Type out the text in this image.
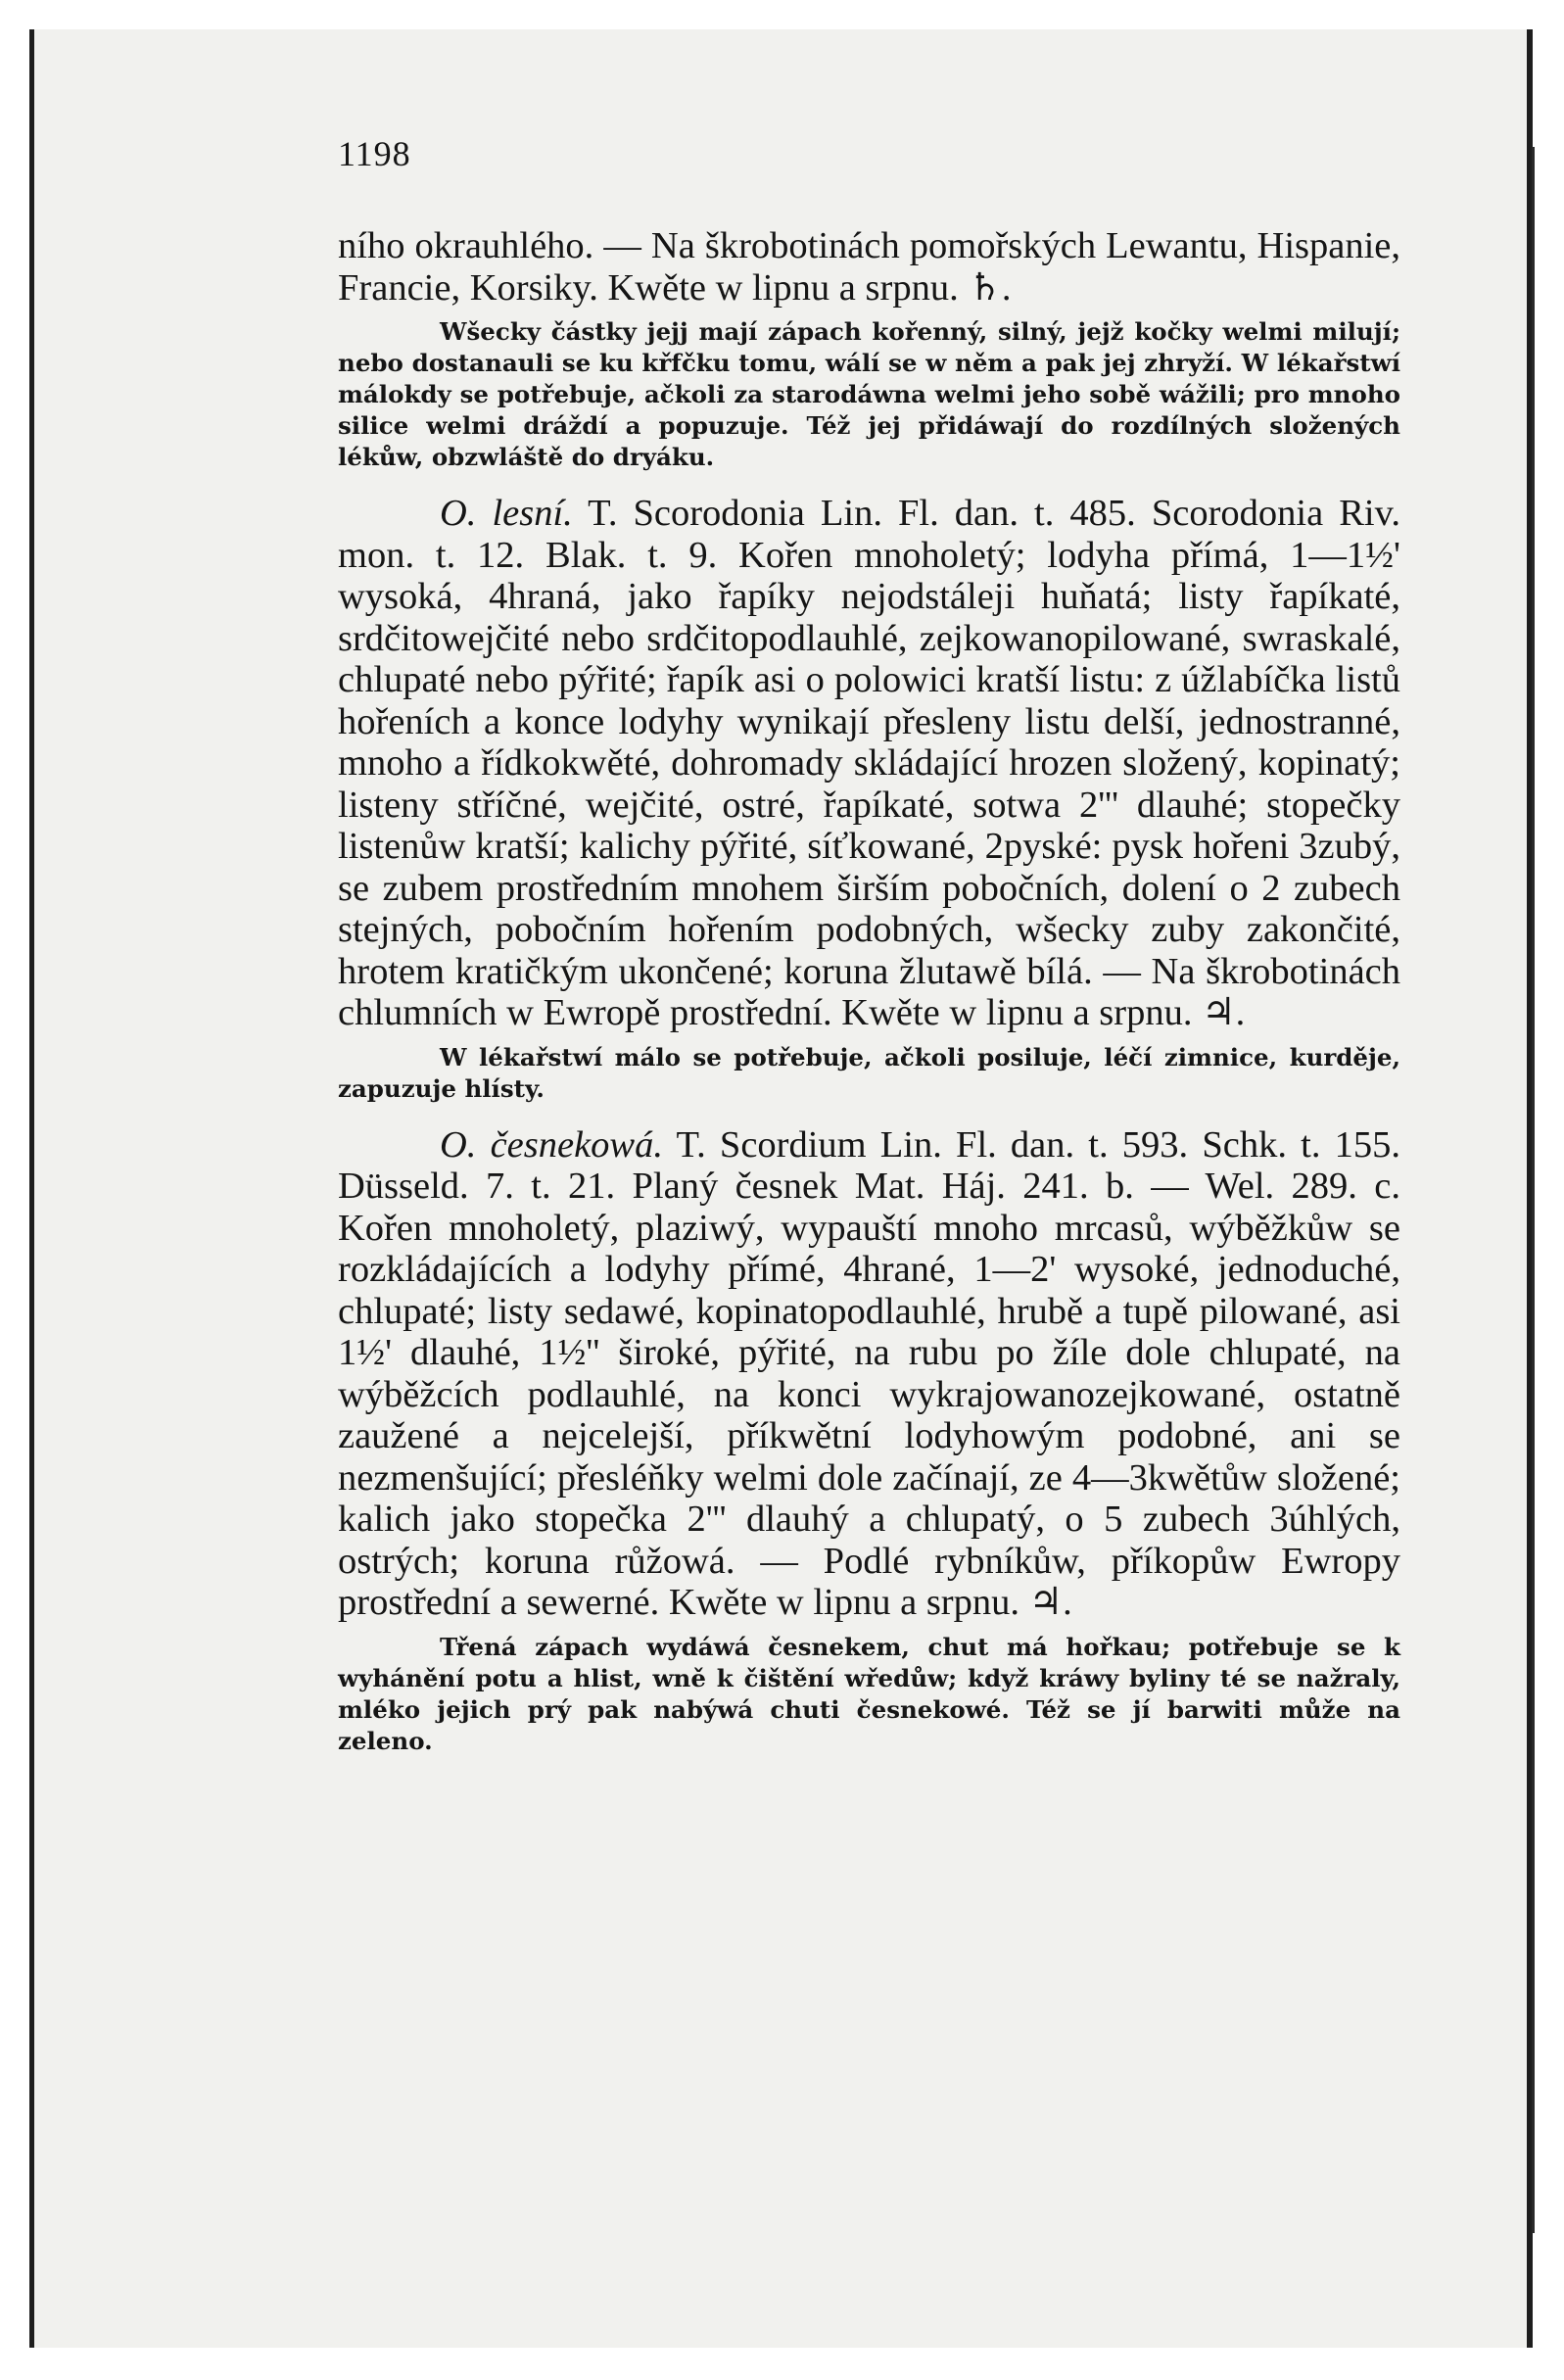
1198

ního okrauhlého. — Na škrobotinách pomořských Lewantu, Hispanie, Francie, Korsiky. Kwěte w lipnu a srpnu. ♄.

Wšecky částky jejj mají zápach kořenný, silný, jejž kočky welmi milují; nebo dostanauli se ku křfčku tomu, wálí se w něm a pak jej zhryží. W lékařstwí málokdy se potřebuje, ačkoli za starodáwna welmi jeho sobě wážili; pro mnoho silice welmi dráždí a popuzuje. Též jej přidáwají do rozdílných složených lékůw, obzwláště do dryáku.

O. lesní. T. Scorodonia Lin. Fl. dan. t. 485. Scorodonia Riv. mon. t. 12. Blak. t. 9. Kořen mnoholetý; lodyha přímá, 1—1½' wysoká, 4hraná, jako řapíky nejodstáleji huňatá; listy řapíkaté, srdčitowejčité nebo srdčitopodlauhlé, zejkowanopilowané, swraskalé, chlupaté nebo pýřité; řapík asi o polowici kratší listu: z úžlabíčka listů hořeních a konce lodyhy wynikají přesleny listu delší, jednostranné, mnoho a řídkokwěté, dohromady skládající hrozen složený, kopinatý; listeny stříčné, wejčité, ostré, řapíkaté, sotwa 2''' dlauhé; stopečky listenůw kratší; kalichy pýřité, síťkowané, 2pyské: pysk hořeni 3zubý, se zubem prostředním mnohem širším pobočních, dolení o 2 zubech stejných, pobočním hořením podobných, wšecky zuby zakončité, hrotem kratičkým ukončené; koruna žlutawě bílá. — Na škrobotinách chlumních w Ewropě prostřední. Kwěte w lipnu a srpnu. ♃.

W lékařstwí málo se potřebuje, ačkoli posiluje, léčí zimnice, kurděje, zapuzuje hlísty.

O. česnekowá. T. Scordium Lin. Fl. dan. t. 593. Schk. t. 155. Düsseld. 7. t. 21. Planý česnek Mat. Háj. 241. b. — Wel. 289. c. Kořen mnoholetý, plaziwý, wypauští mnoho mrcasů, wýběžkůw se rozkládajících a lodyhy přímé, 4hrané, 1—2' wysoké, jednoduché, chlupaté; listy sedawé, kopinatopodlauhlé, hrubě a tupě pilowané, asi 1½' dlauhé, 1½'' široké, pýřité, na rubu po žíle dole chlupaté, na wýběžcích podlauhlé, na konci wykrajowanozejkowané, ostatně zaužené a nejcelejší, příkwětní lodyhowým podobné, ani se nezmenšující; přesléňky welmi dole začínají, ze 4—3kwětůw složené; kalich jako stopečka 2''' dlauhý a chlupatý, o 5 zubech 3úhlých, ostrých; koruna růžowá. — Podlé rybníkůw, příkopůw Ewropy prostřední a sewerné. Kwěte w lipnu a srpnu. ♃.

Třená zápach wydáwá česnekem, chut má hořkau; potřebuje se k wyhánění potu a hlist, wně k čištění wředůw; když kráwy byliny té se nažraly, mléko jejich prý pak nabýwá chuti česnekowé. Též se jí barwiti může na zeleno.
